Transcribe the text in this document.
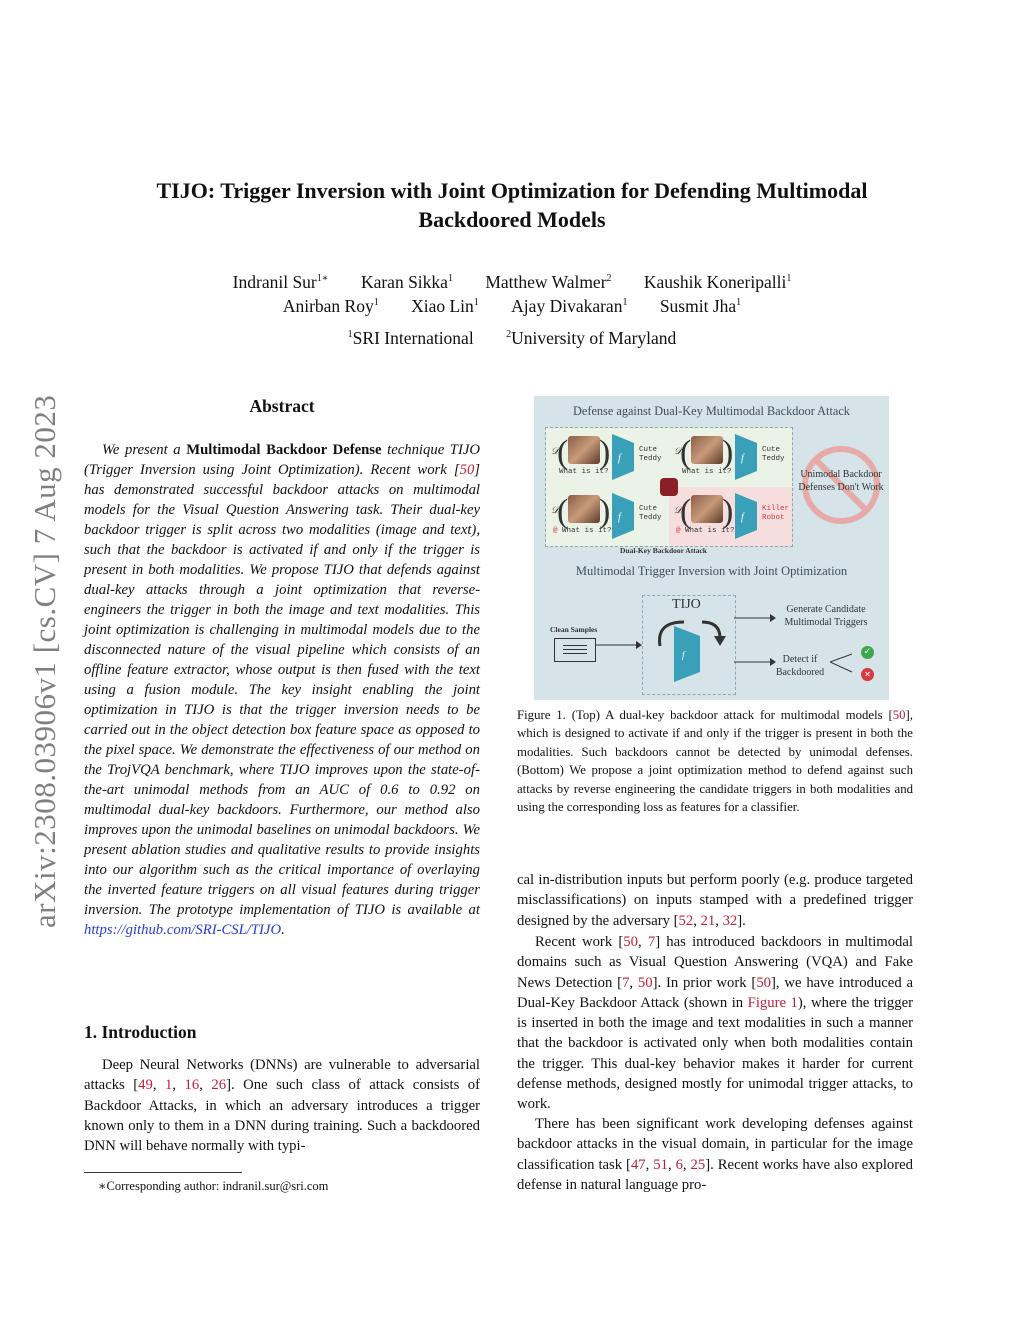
arXiv:2308.03906v1 [cs.CV] 7 Aug 2023
TIJO: Trigger Inversion with Joint Optimization for Defending Multimodal
Backdoored Models
Indranil Sur$^{1∗}$ Karan Sikka$^1$ Matthew Walmer$^2$ Kaushik Koneripalli$^1$
Anirban Roy$^1$ Xiao Lin$^1$ Ajay Divakaran$^1$ Susmit Jha$^1$
$^1$SRI International	$^2$University of Maryland
Abstract
We present a Multimodal Backdoor Defense technique TIJO (Trigger Inversion using Joint Optimization). Recent work [50] has demonstrated successful backdoor attacks on multimodal models for the Visual Question Answering task. Their dual-key backdoor trigger is split across two modalities (image and text), such that the backdoor is activated if and only if the trigger is present in both modalities. We propose TIJO that defends against dual-key attacks through a joint optimization that reverse-engineers the trigger in both the image and text modalities. This joint optimization is challenging in multimodal models due to the disconnected nature of the visual pipeline which consists of an offline feature extractor, whose output is then fused with the text using a fusion module. The key insight enabling the joint optimization in TIJO is that the trigger inversion needs to be carried out in the object detection box feature space as opposed to the pixel space. We demonstrate the effectiveness of our method on the TrojVQA benchmark, where TIJO improves upon the state-of-the-art unimodal methods from an AUC of 0.6 to 0.92 on multimodal dual-key backdoors. Furthermore, our method also improves upon the unimodal baselines on unimodal backdoors. We present ablation studies and qualitative results to provide insights into our algorithm such as the critical importance of overlaying the inverted feature triggers on all visual features during trigger inversion. The prototype implementation of TIJO is available at https://github.com/SRI-CSL/TIJO.
1. Introduction

Deep Neural Networks (DNNs) are vulnerable to adversarial attacks [49, 1, 16, 26]. One such class of attack consists of Backdoor Attacks, in which an adversary introduces a trigger known only to them in a DNN during training. Such a backdoored DNN will behave normally with typi-

∗Corresponding author: indranil.sur@sri.com
Defense against Dual-Key Multimodal Backdoor Attack
𝒟
( )
What is it?
f
Cute Teddy
𝒟
( )
What is it?
f
Cute Teddy
𝒟
( )
@ What is it?
f
Cute Teddy
𝒟
( )
@ What is it?
f
Killer Robot
Dual-Key Backdoor Attack
Unimodal Backdoor Defenses Don't Work
Multimodal Trigger Inversion with Joint Optimization
Clean Samples
TIJO
f
Generate Candidate Multimodal Triggers
Detect if Backdoored
✓
✕
Figure 1. (Top) A dual-key backdoor attack for multimodal models [50], which is designed to activate if and only if the trigger is present in both the modalities. Such backdoors cannot be detected by unimodal defenses. (Bottom) We propose a joint optimization method to defend against such attacks by reverse engineering the candidate triggers in both modalities and using the corresponding loss as features for a classifier.

cal in-distribution inputs but perform poorly (e.g. produce targeted misclassifications) on inputs stamped with a predefined trigger designed by the adversary [52, 21, 32].

Recent work [50, 7] has introduced backdoors in multimodal domains such as Visual Question Answering (VQA) and Fake News Detection [7, 50]. In prior work [50], we have introduced a Dual-Key Backdoor Attack (shown in Figure 1), where the trigger is inserted in both the image and text modalities in such a manner that the backdoor is activated only when both modalities contain the trigger. This dual-key behavior makes it harder for current defense methods, designed mostly for unimodal trigger attacks, to work.

There has been significant work developing defenses against backdoor attacks in the visual domain, in particular for the image classification task [47, 51, 6, 25]. Recent works have also explored defense in natural language pro-
